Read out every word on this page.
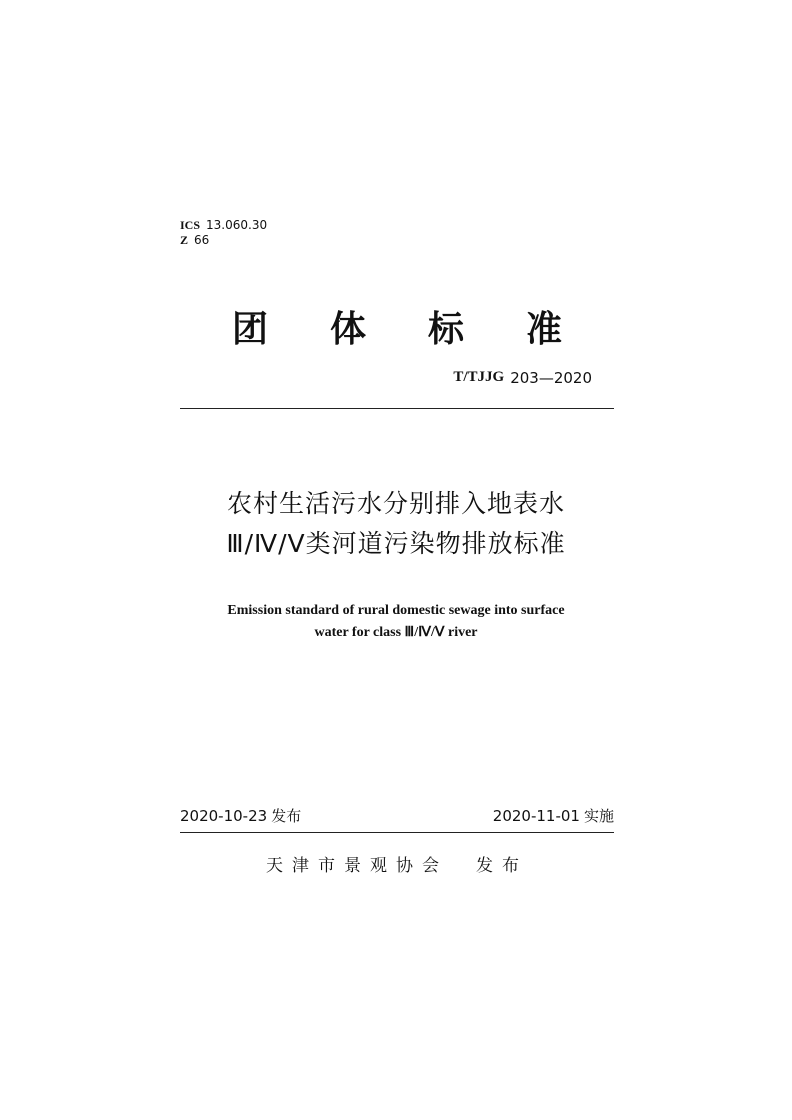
ICS 13.060.30
Z 66
团 体 标 准
T/TJJG 203—2020
农村生活污水分别排入地表水
Ⅲ/Ⅳ/Ⅴ类河道污染物排放标准
Emission standard of rural domestic sewage into surface
water for class Ⅲ/Ⅳ/Ⅴ river
2020-10-23 发布	2020-11-01 实施
天津市景观协会 发布
